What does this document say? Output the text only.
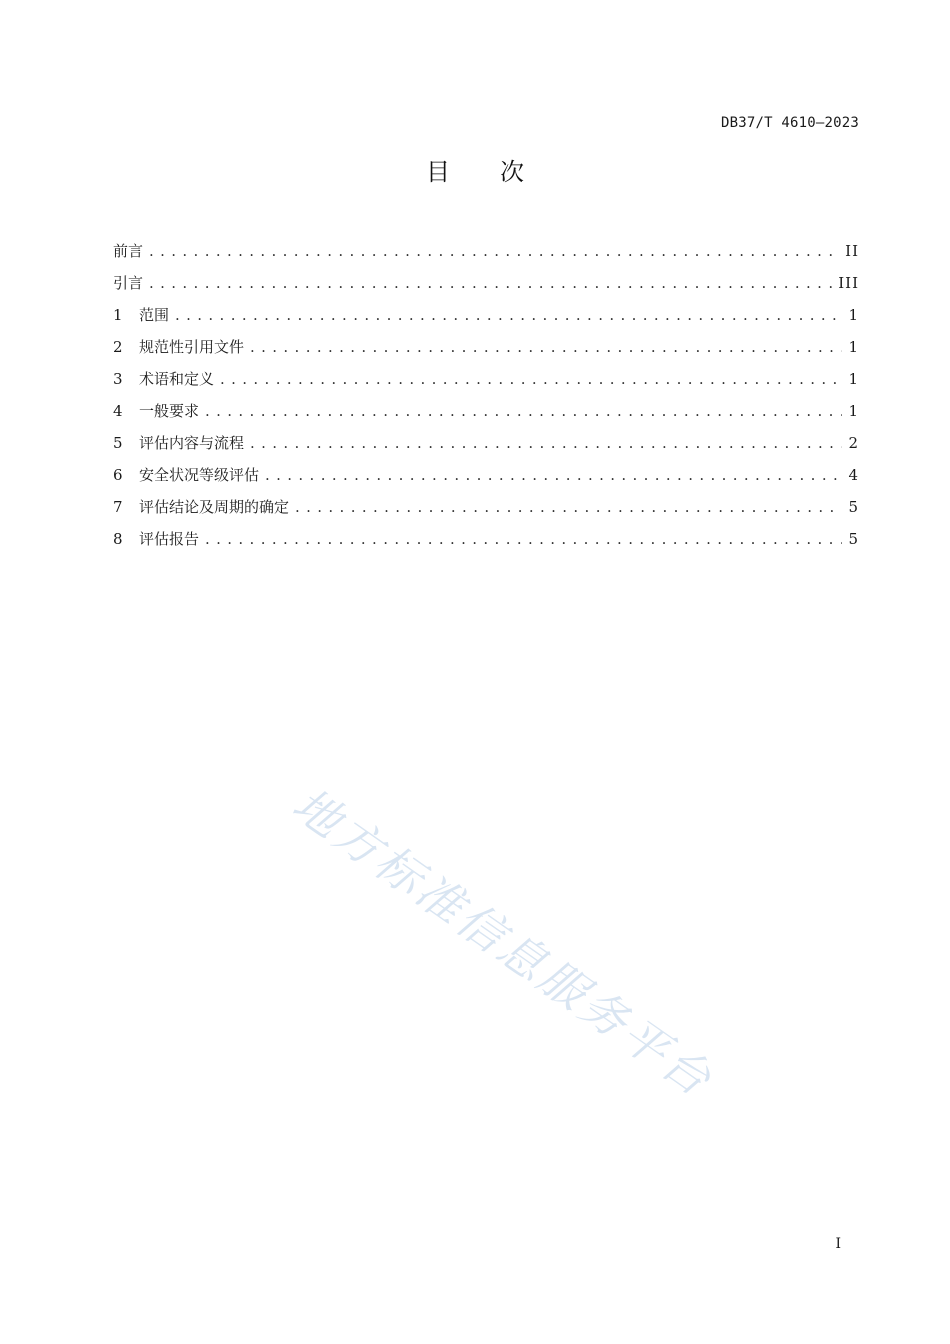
DB37/T 4610—2023
目次
前言 . . .	II
引言 . . .	III
1	范围 . . .	1
2	规范性引用文件 . . .	1
3	术语和定义 . . .	1
4	一般要求 . . .	1
5	评估内容与流程 . . .	2
6	安全状况等级评估 . . .	4
7	评估结论及周期的确定 . . .	5
8	评估报告 . . .	5
地方标准信息服务平台
I
